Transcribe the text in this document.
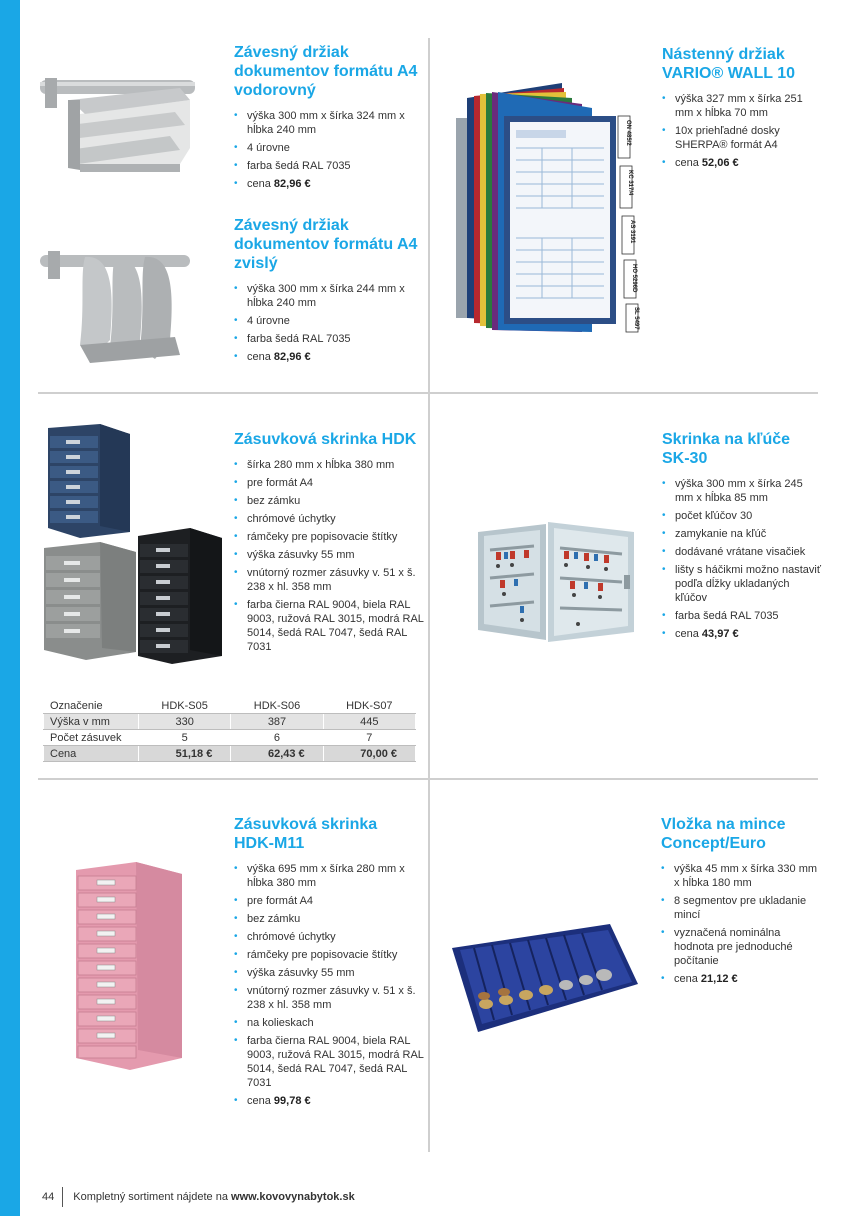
ON 485/2
KC 317/4
AS 3191
HO 5296D
SL 5497
Závesný držiak
dokumentov formátu A4
vodorovný
• výška 300 mm x šírka 324 mm x hĺbka 240 mm
• 4 úrovne
• farba šedá RAL 7035
• cena 82,96 €
Závesný držiak
dokumentov formátu A4
zvislý
• výška 300 mm x šírka 244 mm x hĺbka 240 mm
• 4 úrovne
• farba šedá RAL 7035
• cena 82,96 €
Nástenný držiak
VARIO® WALL 10
• výška 327 mm x šírka 251 mm x hĺbka 70 mm
• 10x priehľadné dosky SHERPA® formát A4
• cena 52,06 €
Zásuvková skrinka HDK
• šírka 280 mm x hĺbka 380 mm
• pre formát A4
• bez zámku
• chrómové úchytky
• rámčeky pre popisovacie štítky
• výška zásuvky 55 mm
• vnútorný rozmer zásuvky v. 51 x š. 238 x hl. 358 mm
• farba čierna RAL 9004, biela RAL 9003, ružová RAL 3015, modrá RAL 5014, šedá RAL 7047, šedá RAL 7031
Skrinka na kľúče
SK-30
• výška 300 mm x šírka 245 mm x hĺbka 85 mm
• počet kľúčov 30
• zamykanie na kľúč
• dodávané vrátane visačiek
• lišty s háčikmi možno nastaviť podľa dĺžky ukladaných kľúčov
• farba šedá RAL 7035
• cena 43,97 €
Označenie	HDK-S05	HDK-S06	HDK-S07
Výška v mm	330	387	445
Počet zásuvek	5	6	7
Cena	51,18 €	62,43 €	70,00 €
Zásuvková skrinka
HDK-M11
• výška 695 mm x šírka 280 mm x hĺbka 380 mm
• pre formát A4
• bez zámku
• chrómové úchytky
• rámčeky pre popisovacie štítky
• výška zásuvky 55 mm
• vnútorný rozmer zásuvky v. 51 x š. 238 x hl. 358 mm
• na kolieskach
• farba čierna RAL 9004, biela RAL 9003, ružová RAL 3015, modrá RAL 5014, šedá RAL 7047, šedá RAL 7031
• cena 99,78 €
Vložka na mince
Concept/Euro
• výška 45 mm x šírka 330 mm x hĺbka 180 mm
• 8 segmentov pre ukladanie mincí
• vyznačená nominálna hodnota pre jednoduché počítanie
• cena 21,12 €
44 Kompletný sortiment nájdete na
www.kovovynabytok.sk
